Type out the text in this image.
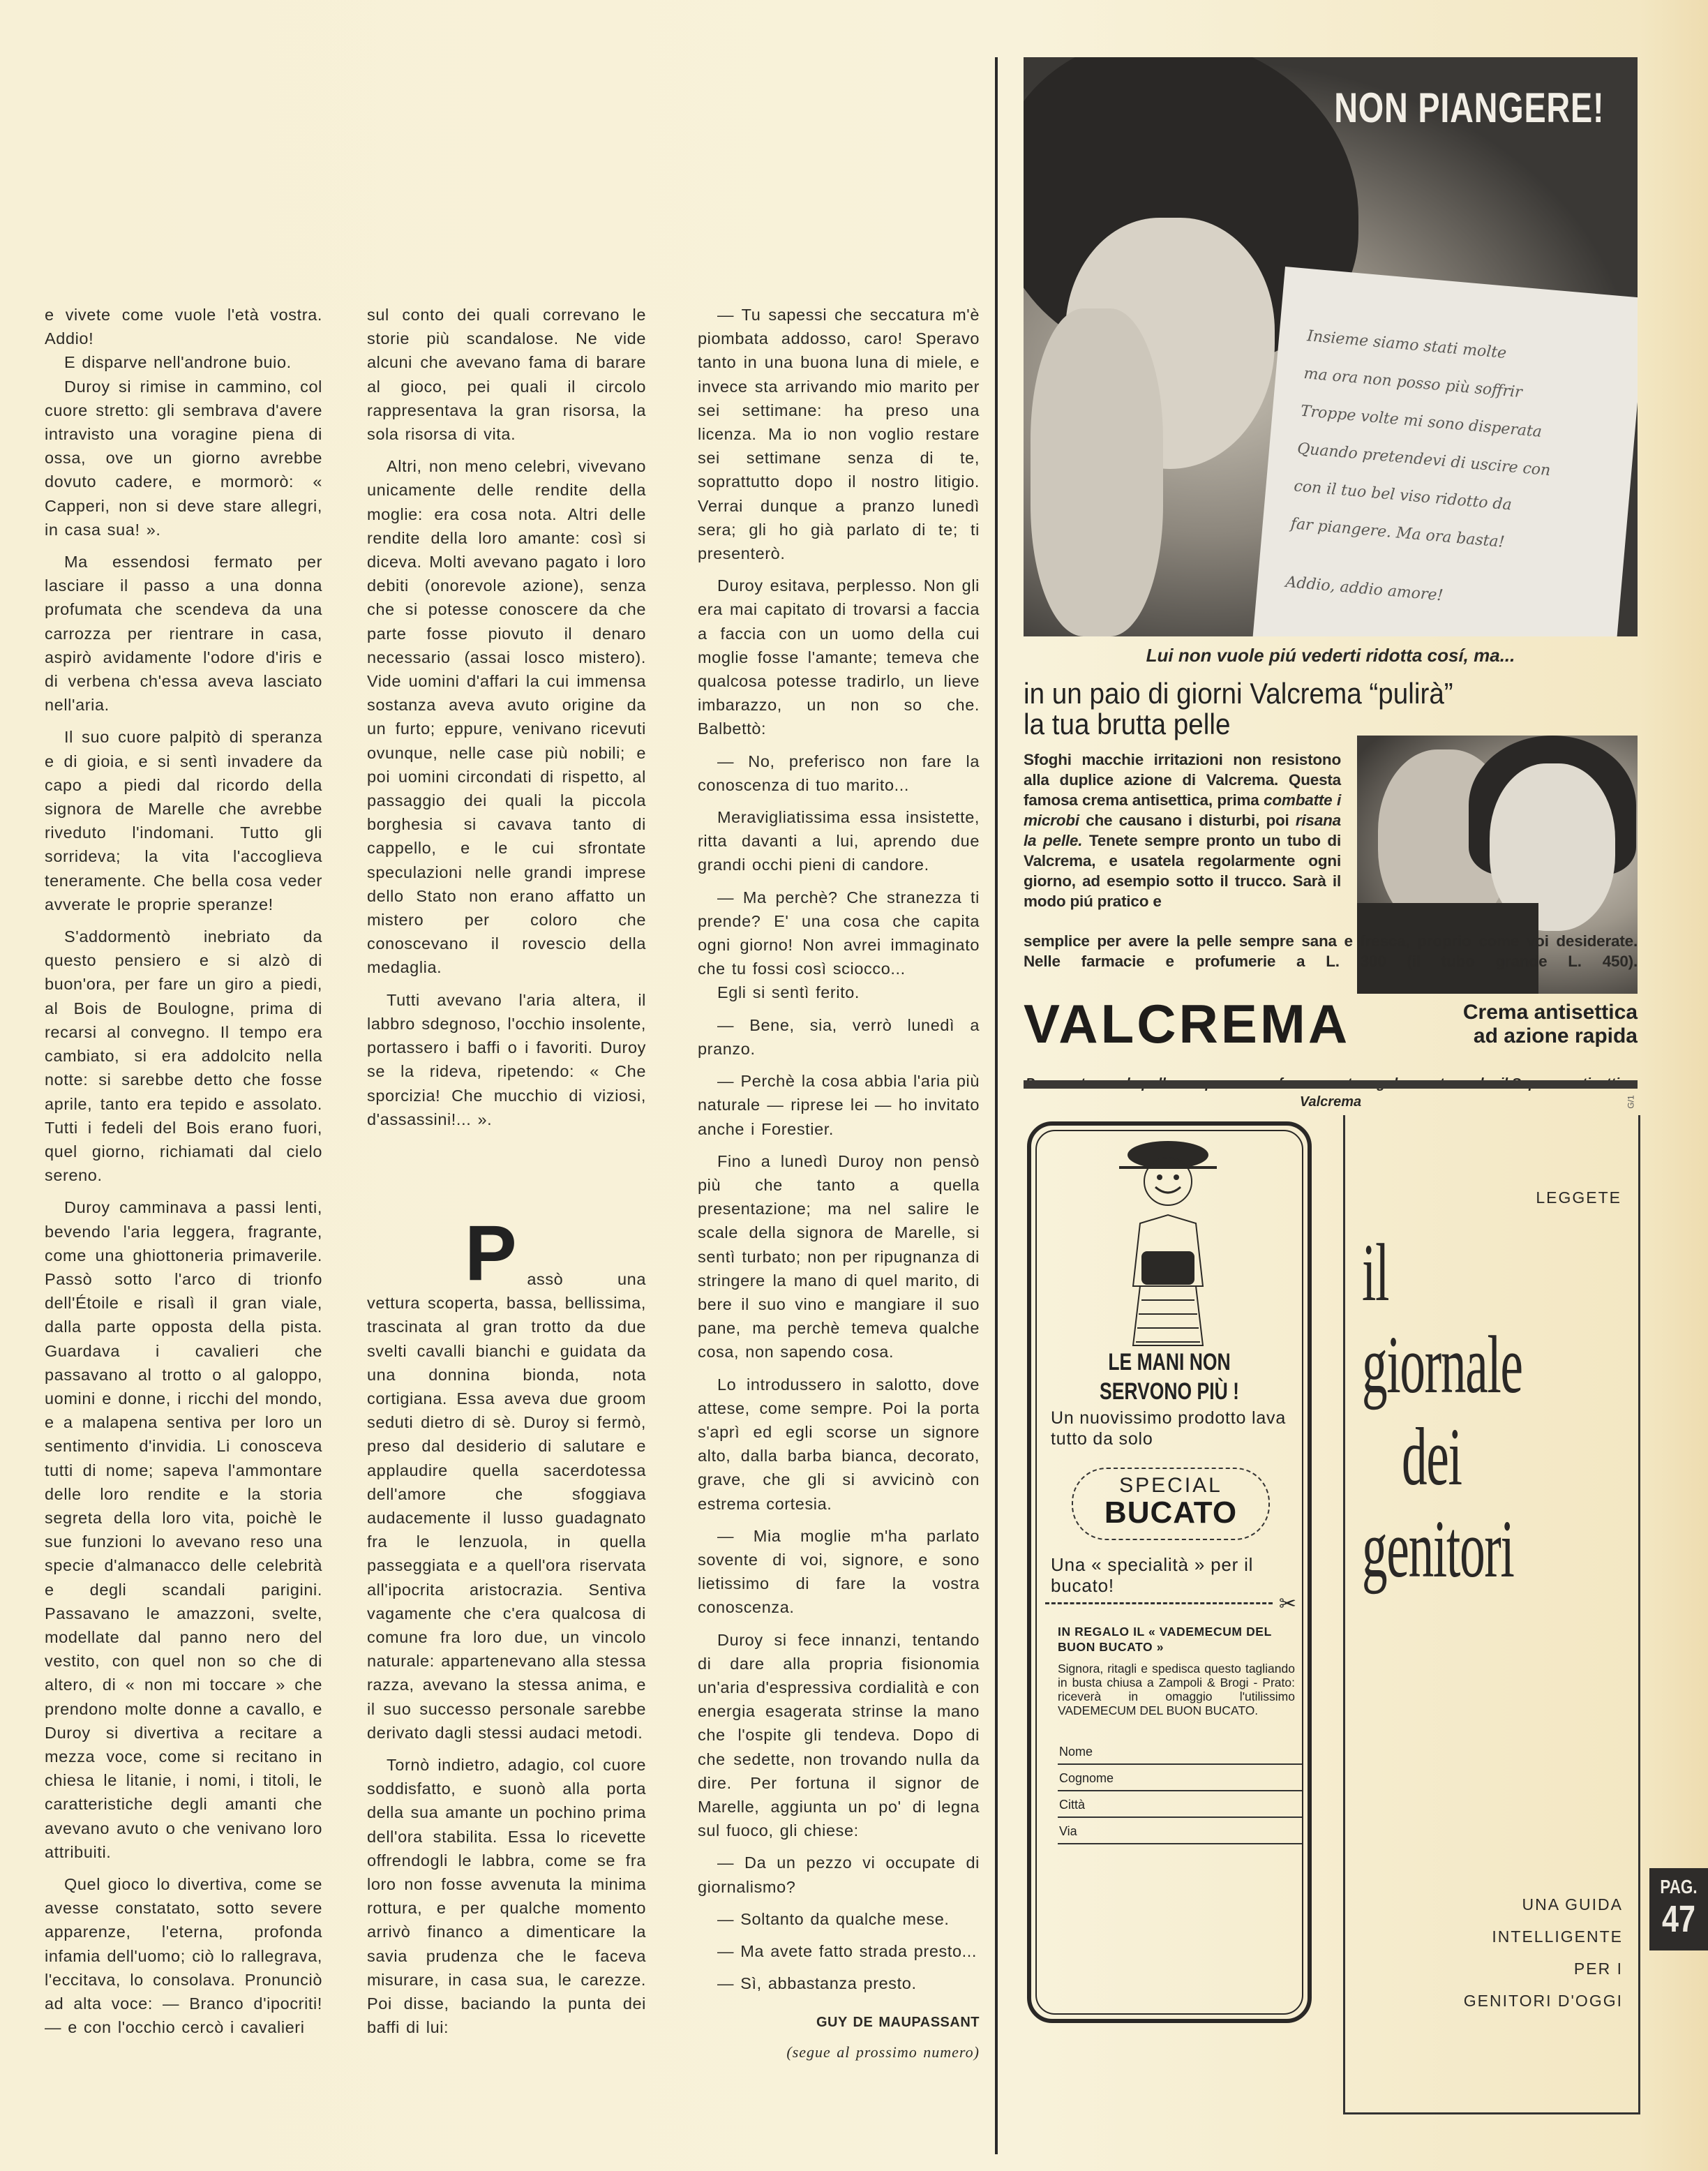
e vivete come vuole l'età vostra. Addio!

E disparve nell'androne buio.

Duroy si rimise in cammino, col cuore stretto: gli sembrava d'avere intravisto una voragine piena di ossa, ove un giorno avrebbe dovuto cadere, e mormorò: « Capperi, non si deve stare allegri, in casa sua! ».

Ma essendosi fermato per lasciare il passo a una donna profumata che scendeva da una carrozza per rientrare in casa, aspirò avidamente l'odore d'iris e di verbena ch'essa aveva lasciato nell'aria.

Il suo cuore palpitò di speranza e di gioia, e si sentì invadere da capo a piedi dal ricordo della signora de Marelle che avrebbe riveduto l'indomani. Tutto gli sorrideva; la vita l'accoglieva teneramente. Che bella cosa veder avverate le proprie speranze!

S'addormentò inebriato da questo pensiero e si alzò di buon'ora, per fare un giro a piedi, al Bois de Boulogne, prima di recarsi al convegno. Il tempo era cambiato, si era addolcito nella notte: si sarebbe detto che fosse aprile, tanto era tepido e assolato. Tutti i fedeli del Bois erano fuori, quel giorno, richiamati dal cielo sereno.

Duroy camminava a passi lenti, bevendo l'aria leggera, fragrante, come una ghiottoneria primaverile. Passò sotto l'arco di trionfo dell'Étoile e risalì il gran viale, dalla parte opposta della pista. Guardava i cavalieri che passavano al trotto o al galoppo, uomini e donne, i ricchi del mondo, e a malapena sentiva per loro un sentimento d'invidia. Li conosceva tutti di nome; sapeva l'ammontare delle loro rendite e la storia segreta della loro vita, poichè le sue funzioni lo avevano reso una specie d'almanacco delle celebrità e degli scandali parigini. Passavano le amazzoni, svelte, modellate dal panno nero del vestito, con quel non so che di altero, di « non mi toccare » che prendono molte donne a cavallo, e Duroy si divertiva a recitare a mezza voce, come si recitano in chiesa le litanie, i nomi, i titoli, le caratteristiche degli amanti che avevano avuto o che venivano loro attribuiti.

Quel gioco lo divertiva, come se avesse constatato, sotto severe apparenze, l'eterna, profonda infamia dell'uomo; ciò lo rallegrava, l'eccitava, lo consolava. Pronunciò ad alta voce: — Branco d'ipocriti! — e con l'occhio cercò i cavalieri

sul conto dei quali correvano le storie più scandalose. Ne vide alcuni che avevano fama di barare al gioco, pei quali il circolo rappresentava la gran risorsa, la sola risorsa di vita.

Altri, non meno celebri, vivevano unicamente delle rendite della moglie: era cosa nota. Altri delle rendite della loro amante: così si diceva. Molti avevano pagato i loro debiti (onorevole azione), senza che si potesse conoscere da che parte fosse piovuto il denaro necessario (assai losco mistero). Vide uomini d'affari la cui immensa sostanza aveva avuto origine da un furto; eppure, venivano ricevuti ovunque, nelle case più nobili; e poi uomini circondati di rispetto, al passaggio dei quali la piccola borghesia si cavava tanto di cappello, e le cui sfrontate speculazioni nelle grandi imprese dello Stato non erano affatto un mistero per coloro che conoscevano il rovescio della medaglia.

Tutti avevano l'aria altera, il labbro sdegnoso, l'occhio insolente, portassero i baffi o i favoriti. Duroy se la rideva, ripetendo: « Che sporcizia! Che mucchio di viziosi, d'assassini!... ».

P assò una vettura scoperta, bassa, bellissima, trascinata al gran trotto da due svelti cavalli bianchi e guidata da una donnina bionda, nota cortigiana. Essa aveva due groom seduti dietro di sè. Duroy si fermò, preso dal desiderio di salutare e applaudire quella sacerdotessa dell'amore che sfoggiava audacemente il lusso guadagnato fra le lenzuola, in quella passeggiata e a quell'ora riservata all'ipocrita aristocrazia. Sentiva vagamente che c'era qualcosa di comune fra loro due, un vincolo naturale: appartenevano alla stessa razza, avevano la stessa anima, e il suo successo personale sarebbe derivato dagli stessi audaci metodi.

Tornò indietro, adagio, col cuore soddisfatto, e suonò alla porta della sua amante un pochino prima dell'ora stabilita. Essa lo ricevette offrendogli le labbra, come se fra loro non fosse avvenuta la minima rottura, e per qualche momento arrivò financo a dimenticare la savia prudenza che le faceva misurare, in casa sua, le carezze. Poi disse, baciando la punta dei baffi di lui:

— Tu sapessi che seccatura m'è piombata addosso, caro! Speravo tanto in una buona luna di miele, e invece sta arrivando mio marito per sei settimane: ha preso una licenza. Ma io non voglio restare sei settimane senza di te, soprattutto dopo il nostro litigio. Verrai dunque a pranzo lunedì sera; gli ho già parlato di te; ti presenterò.

Duroy esitava, perplesso. Non gli era mai capitato di trovarsi a faccia a faccia con un uomo della cui moglie fosse l'amante; temeva che qualcosa potesse tradirlo, un lieve imbarazzo, un non so che. Balbettò:

— No, preferisco non fare la conoscenza di tuo marito...

Meravigliatissima essa insistette, ritta davanti a lui, aprendo due grandi occhi pieni di candore.

— Ma perchè? Che stranezza ti prende? E' una cosa che capita ogni giorno! Non avrei immaginato che tu fossi così sciocco...

Egli si sentì ferito.

— Bene, sia, verrò lunedì a pranzo.

— Perchè la cosa abbia l'aria più naturale — riprese lei — ho invitato anche i Forestier.

Fino a lunedì Duroy non pensò più che tanto a quella presentazione; ma nel salire le scale della signora de Marelle, si sentì turbato; non per ripugnanza di stringere la mano di quel marito, di bere il suo vino e mangiare il suo pane, ma perchè temeva qualche cosa, non sapendo cosa.

Lo introdussero in salotto, dove attese, come sempre. Poi la porta s'aprì ed egli scorse un signore alto, dalla barba bianca, decorato, grave, che gli si avvicinò con estrema cortesia.

— Mia moglie m'ha parlato sovente di voi, signore, e sono lietissimo di fare la vostra conoscenza.

Duroy si fece innanzi, tentando di dare alla propria fisionomia un'aria d'espressiva cordialità e con energia esagerata strinse la mano che l'ospite gli tendeva. Dopo di che sedette, non trovando nulla da dire. Per fortuna il signor de Marelle, aggiunta un po' di legna sul fuoco, gli chiese:

— Da un pezzo vi occupate di giornalismo?

— Soltanto da qualche mese.

— Ma avete fatto strada presto...

— Sì, abbastanza presto.

GUY DE MAUPASSANT
(segue al prossimo numero)
Insieme siamo stati molte
ma ora non posso più soffrir
Troppe volte mi sono disperata
Quando pretendevi di uscire con
con il tuo bel viso ridotto da
far piangere. Ma ora basta!
Addio, addio amore!
NON PIANGERE!
Lui non vuole piú vederti ridotta cosí, ma...
in un paio di giorni Valcrema “pulirà”
la tua brutta pelle
Sfoghi macchie irritazioni non resistono alla duplice azione di Valcrema. Questa famosa crema antisettica, prima combatte i microbi che causano i disturbi, poi risana la pelle. Tenete sempre pronto un tubo di Valcrema, e usatela regolarmente ogni giorno, ad esempio sotto il trucco. Sarà il modo piú pratico e
semplice per avere la pelle sempre sana e fresca, proprio come voi desiderate. Nelle farmacie e profumerie a L. 300 (il tubo grande L. 450).
VALCREMA	Crema antisettica
ad azione rapida
Valcrema	G/1
LE MANI NON SERVONO PIÙ !
Un nuovissimo prodotto lava tutto da solo
SPECIAL
BUCATO
Una « specialità » per il bucato!
✂
IN REGALO IL « VADEMECUM DEL BUON BUCATO »
Signora, ritagli e spedisca questo tagliando in busta chiusa a Zampoli & Brogi - Prato: riceverà in omaggio l'utilissimo VADEMECUM DEL BUON BUCATO.
Nome
Cognome
Città
Via
LEGGETE
il
giornale
dei
genitori
UNA GUIDA
INTELLIGENTE
PER I
GENITORI D'OGGI
PAG.
47
